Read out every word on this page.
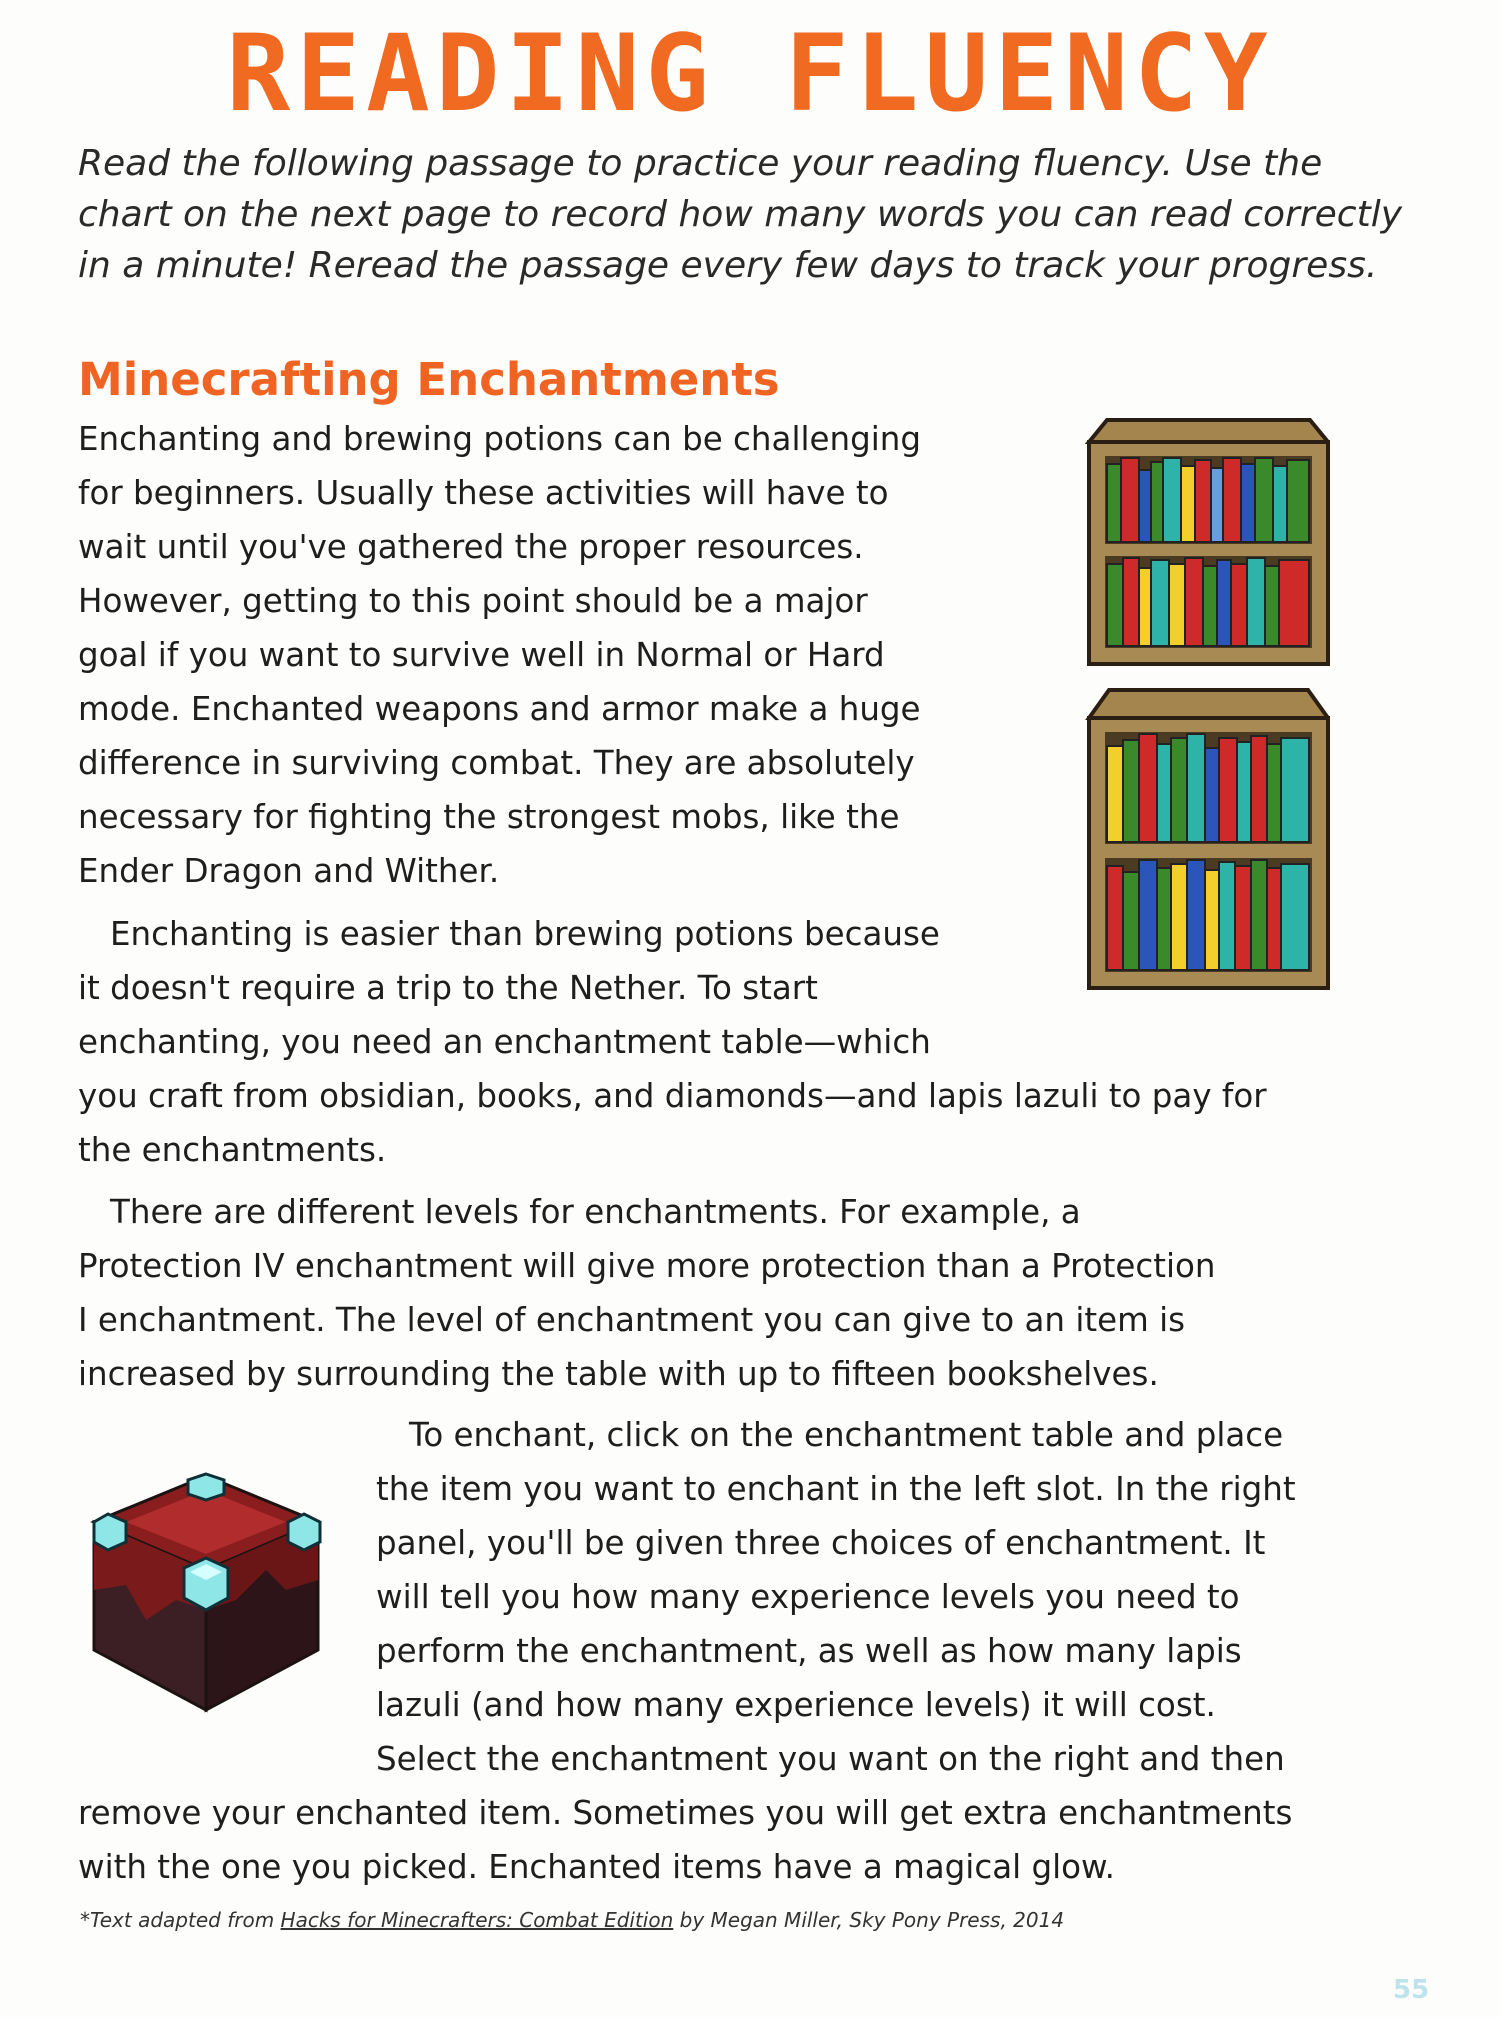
READING FLUENCY
Read the following passage to practice your reading fluency. Use the
chart on the next page to record how many words you can read correctly
in a minute! Reread the passage every few days to track your progress.
Minecrafting Enchantments
Enchanting and brewing potions can be challenging
for beginners. Usually these activities will have to
wait until you've gathered the proper resources.
However, getting to this point should be a major
goal if you want to survive well in Normal or Hard
mode. Enchanted weapons and armor make a huge
difference in surviving combat. They are absolutely
necessary for fighting the strongest mobs, like the
Ender Dragon and Wither.
Enchanting is easier than brewing potions because
it doesn't require a trip to the Nether. To start
enchanting, you need an enchantment table—which
you craft from obsidian, books, and diamonds—and lapis lazuli to pay for
the enchantments.
There are different levels for enchantments. For example, a
Protection IV enchantment will give more protection than a Protection
I enchantment. The level of enchantment you can give to an item is
increased by surrounding the table with up to fifteen bookshelves.
To enchant, click on the enchantment table and place
the item you want to enchant in the left slot. In the right
panel, you'll be given three choices of enchantment. It
will tell you how many experience levels you need to
perform the enchantment, as well as how many lapis
lazuli (and how many experience levels) it will cost.
Select the enchantment you want on the right and then
remove your enchanted item. Sometimes you will get extra enchantments
with the one you picked. Enchanted items have a magical glow.
*Text adapted from Hacks for Minecrafters: Combat Edition by Megan Miller, Sky Pony Press, 2014
55
